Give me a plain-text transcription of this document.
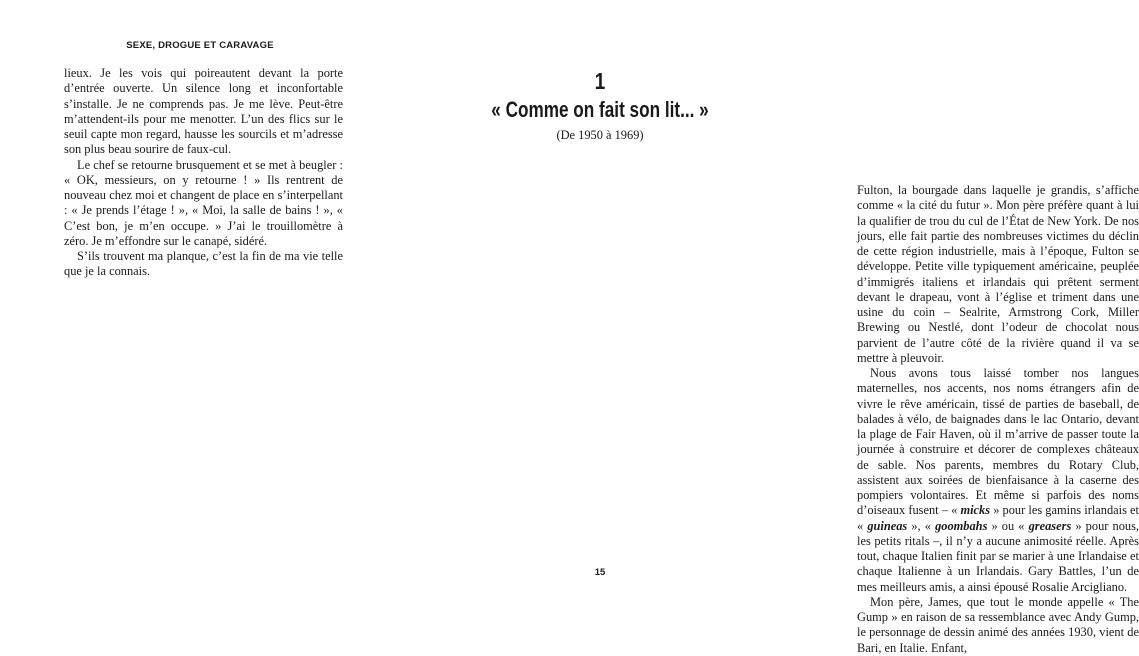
SEXE, DROGUE ET CARAVAGE

lieux. Je les vois qui poireautent devant la porte d’entrée ouverte. Un silence long et inconfortable s’installe. Je ne comprends pas. Je me lève. Peut-être m’attendent-ils pour me menotter. L’un des flics sur le seuil capte mon regard, hausse les sourcils et m’adresse son plus beau sourire de faux-cul.

Le chef se retourne brusquement et se met à beugler : « OK, messieurs, on y retourne ! » Ils rentrent de nouveau chez moi et changent de place en s’interpellant : « Je prends l’étage ! », « Moi, la salle de bains ! », « C’est bon, je m’en occupe. » J’ai le trouillomètre à zéro. Je m’effondre sur le canapé, sidéré.

S’ils trouvent ma planque, c’est la fin de ma vie telle que je la connais.

1
« Comme on fait son lit... »
(De 1950 à 1969)

Fulton, la bourgade dans laquelle je grandis, s’affiche comme « la cité du futur ». Mon père préfère quant à lui la qualifier de trou du cul de l’État de New York. De nos jours, elle fait partie des nombreuses victimes du déclin de cette région industrielle, mais à l’époque, Fulton se développe. Petite ville typiquement américaine, peuplée d’immigrés italiens et irlandais qui prêtent serment devant le drapeau, vont à l’église et triment dans une usine du coin – Sealrite, Armstrong Cork, Miller Brewing ou Nestlé, dont l’odeur de chocolat nous parvient de l’autre côté de la rivière quand il va se mettre à pleuvoir.

Nous avons tous laissé tomber nos langues maternelles, nos accents, nos noms étrangers afin de vivre le rêve américain, tissé de parties de baseball, de balades à vélo, de baignades dans le lac Ontario, devant la plage de Fair Haven, où il m’arrive de passer toute la journée à construire et décorer de complexes châteaux de sable. Nos parents, membres du Rotary Club, assistent aux soirées de bienfaisance à la caserne des pompiers volontaires. Et même si parfois des noms d’oiseaux fusent – « micks » pour les gamins irlandais et « guineas », « goombahs » ou « greasers » pour nous, les petits ritals –, il n’y a aucune animosité réelle. Après tout, chaque Italien finit par se marier à une Irlandaise et chaque Italienne à un Irlandais. Gary Battles, l’un de mes meilleurs amis, a ainsi épousé Rosalie Arcigliano.

Mon père, James, que tout le monde appelle « The Gump » en raison de sa ressemblance avec Andy Gump, le personnage de dessin animé des années 1930, vient de Bari, en Italie. Enfant,

15
